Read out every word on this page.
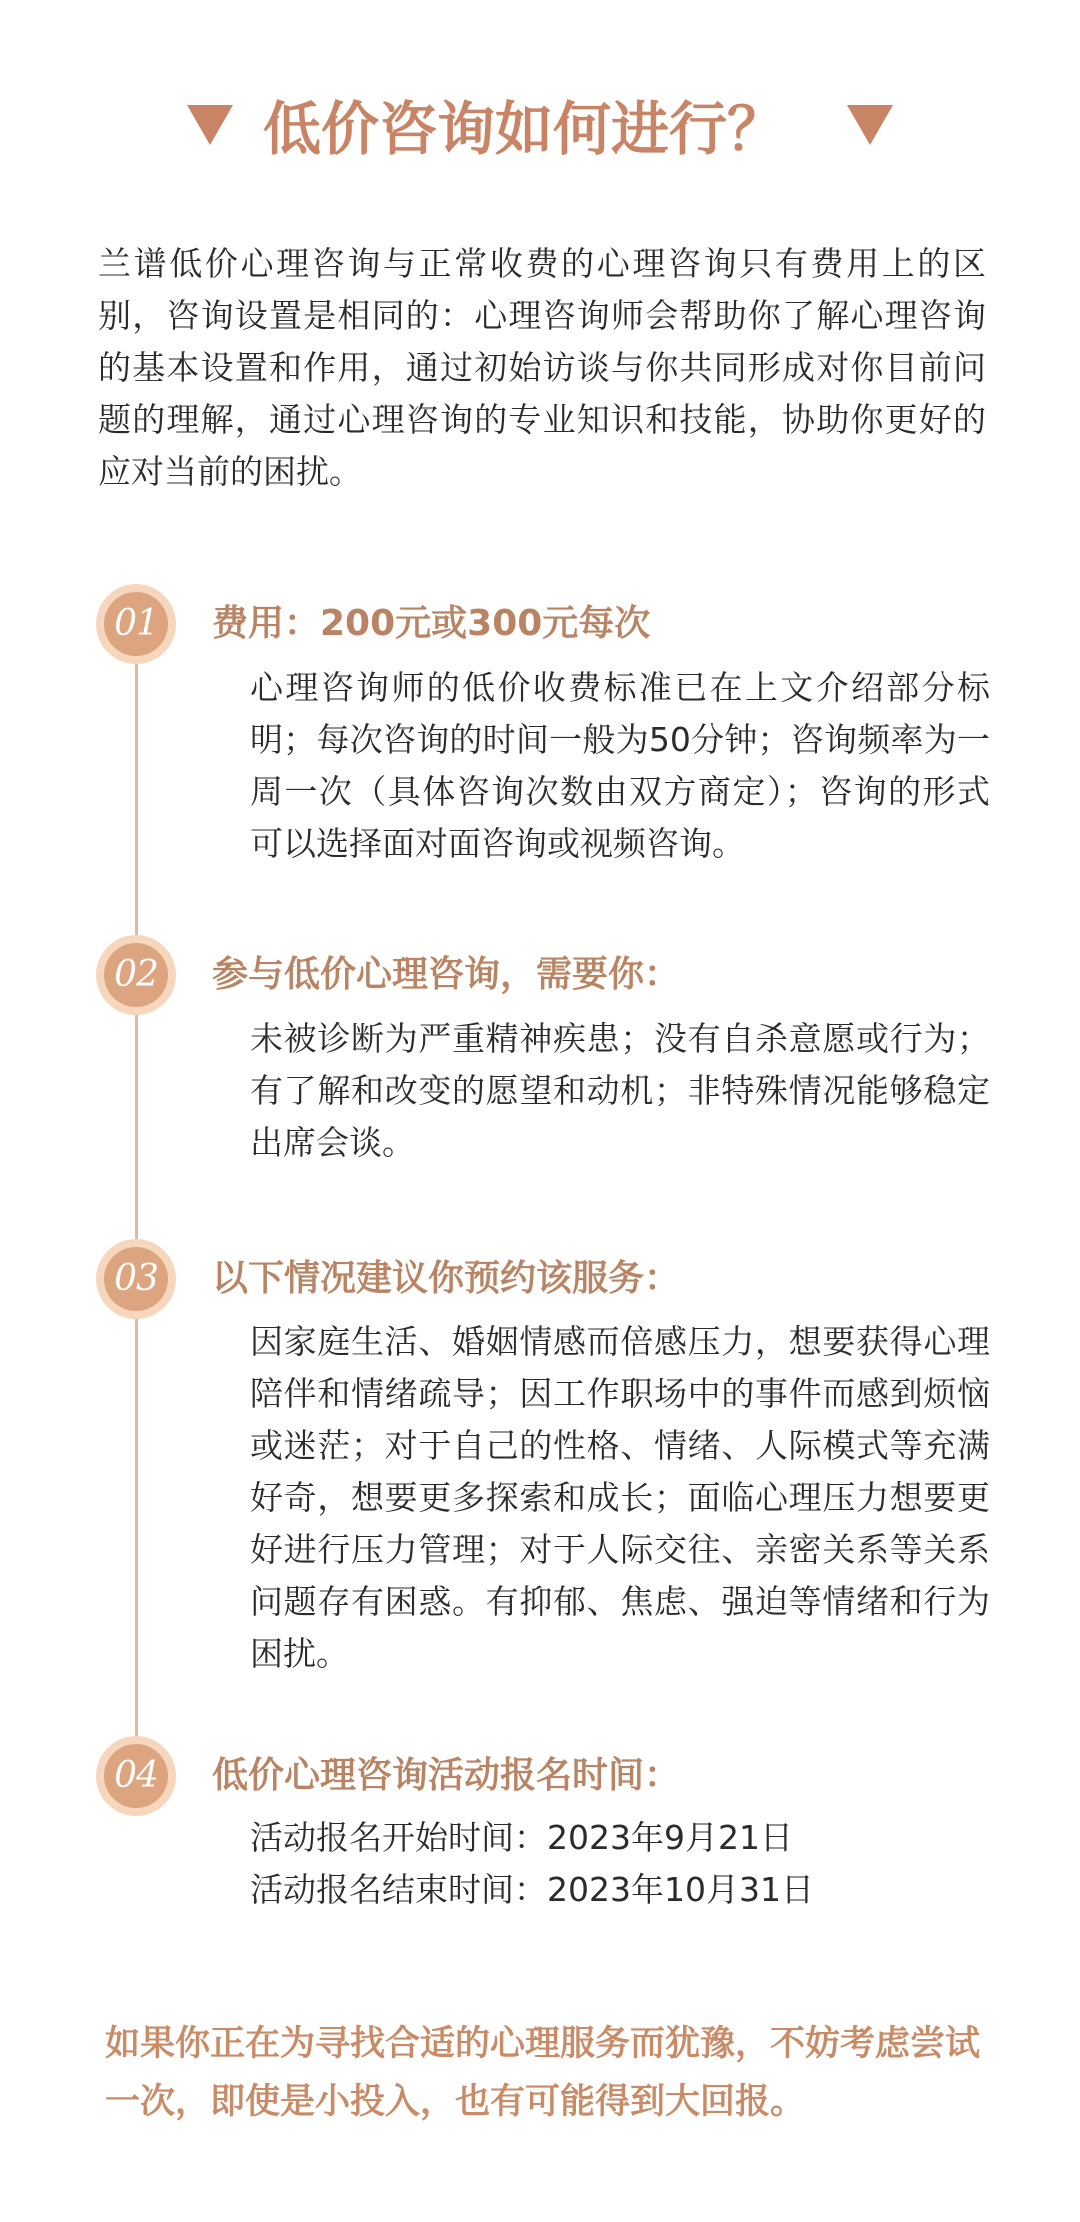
低价咨询如何进行？
兰谱低价心理咨询与正常收费的心理咨询只有费用上的区别，咨询设置是相同的：心理咨询师会帮助你了解心理咨询的基本设置和作用，通过初始访谈与你共同形成对你目前问题的理解，通过心理咨询的专业知识和技能，协助你更好的应对当前的困扰。
01 费用：200元或300元每次
心理咨询师的低价收费标准已在上文介绍部分标明；每次咨询的时间一般为50分钟；咨询频率为一周一次（具体咨询次数由双方商定）；咨询的形式可以选择面对面咨询或视频咨询。
02 参与低价心理咨询，需要你：
未被诊断为严重精神疾患；没有自杀意愿或行为；有了解和改变的愿望和动机；非特殊情况能够稳定出席会谈。
03 以下情况建议你预约该服务：
因家庭生活、婚姻情感而倍感压力，想要获得心理陪伴和情绪疏导；因工作职场中的事件而感到烦恼或迷茫；对于自己的性格、情绪、人际模式等充满好奇，想要更多探索和成长；面临心理压力想要更好进行压力管理；对于人际交往、亲密关系等关系问题存有困惑。有抑郁、焦虑、强迫等情绪和行为困扰。
04 低价心理咨询活动报名时间：
活动报名开始时间：2023年9月21日
活动报名结束时间：2023年10月31日
如果你正在为寻找合适的心理服务而犹豫，不妨考虑尝试一次，即使是小投入，也有可能得到大回报。
